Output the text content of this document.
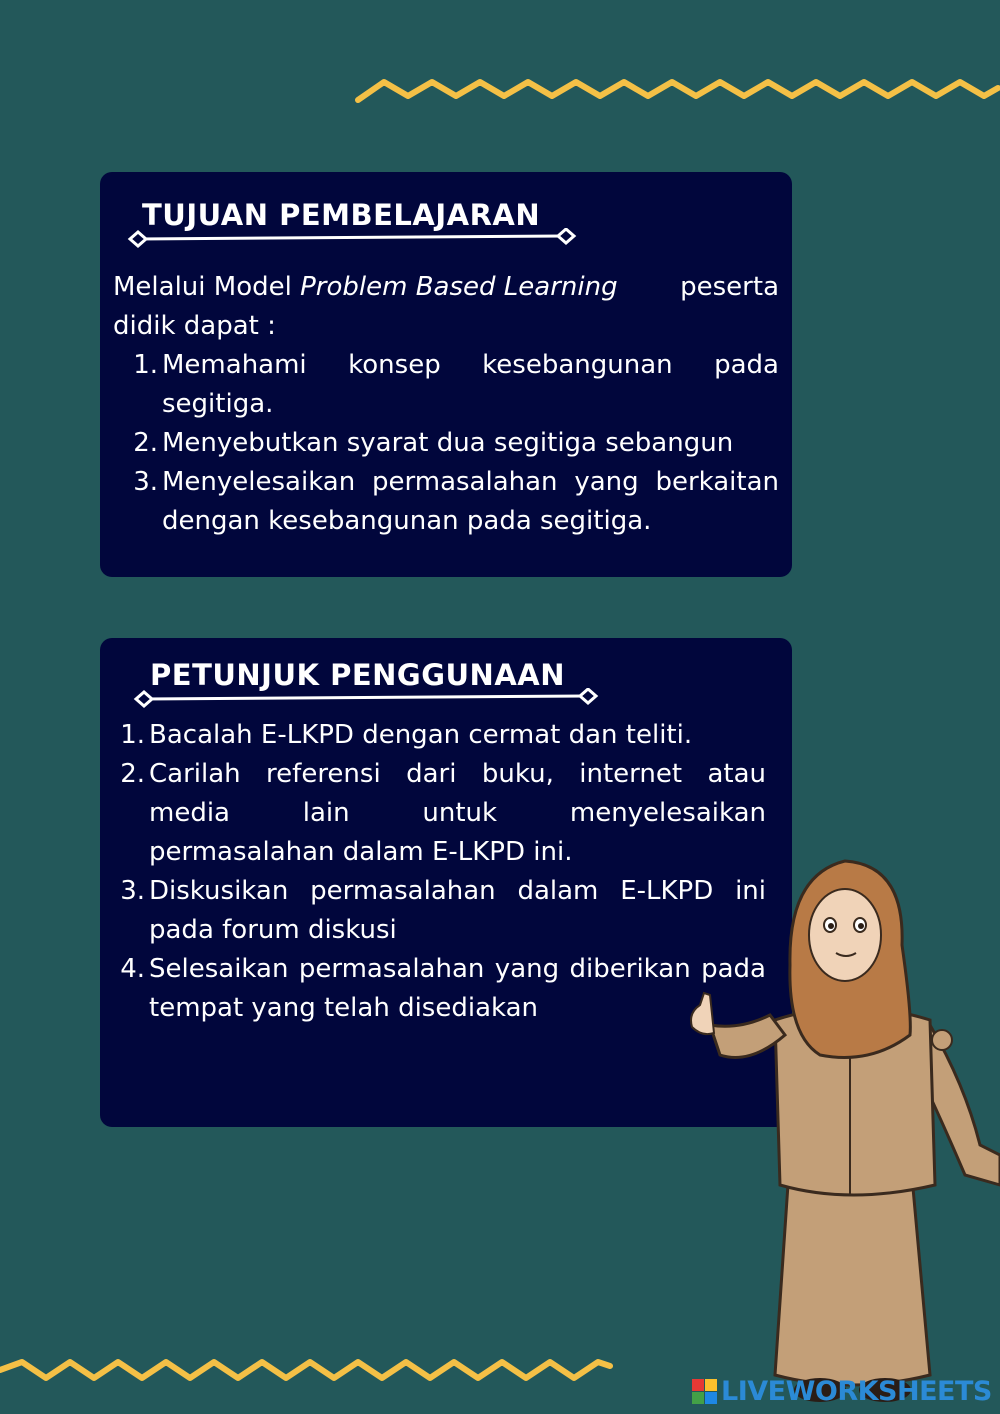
TUJUAN PEMBELAJARAN
Melalui Model Problem Based Learning peserta
didik dapat :
1. Memahami konsep kesebangunan pada segitiga.
2. Menyebutkan syarat dua segitiga sebangun
3. Menyelesaikan permasalahan yang berkaitan dengan kesebangunan pada segitiga.
PETUNJUK PENGGUNAAN
1. Bacalah E-LKPD dengan cermat dan teliti.
2. Carilah referensi dari buku, internet atau media lain untuk menyelesaikan permasalahan dalam E-LKPD ini.
3. Diskusikan permasalahan dalam E-LKPD ini pada forum diskusi
4. Selesaikan permasalahan yang diberikan pada tempat yang telah disediakan
LIVEWORKSHEETS
